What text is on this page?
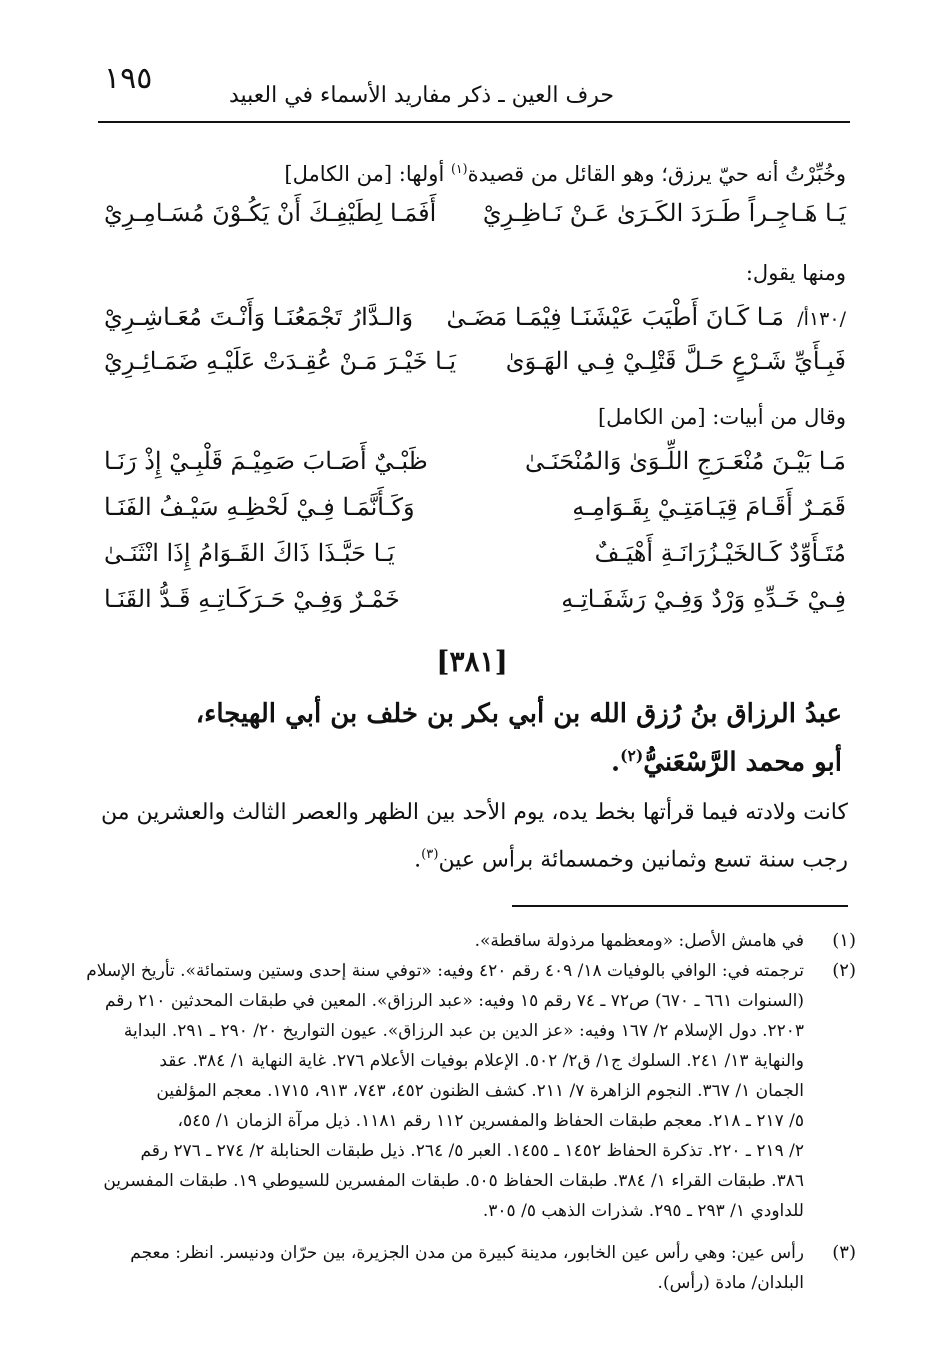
١٩٥	حرف العين ـ ذكر مفاريد الأسماء في العبيد
وخُبِّرْتُ أنه حيّ يرزق؛ وهو القائل من قصيدة$^{(١)}$ أولها: [من الكامل]
يَـا هَـاجِـراً طَـرَدَ الكَـرَىٰ عَـنْ نَـاظِـرِيْ
أَفَمَـا لِطَيْفِـكَ أَنْ يَكُـوْنَ مُسَـامِـرِيْ
ومنها يقول:
/١٣٠أ/
مَـا كَـانَ أَطْيَبَ عَيْشَنَـا فِيْمَـا مَضَـىٰ
وَالـدَّارُ تَجْمَعُنَـا وَأَنْـتَ مُعَـاشِـرِيْ
فَبِـأَيِّ شَـرْعٍ حَـلَّ قَتْلِـيْ فِـي الهَـوَىٰ
يَـا خَيْـرَ مَـنْ عُقِـدَتْ عَلَيْـهِ ضَمَـائِـرِيْ
وقال من أبيات: [من الكامل]
مَـا بَيْـنَ مُنْعَـرَجِ اللِّـوَىٰ وَالمُنْحَنَـىٰ
ظَبْـيٌ أَصَـابَ صَمِيْـمَ قَلْبِـيْ إِذْ رَنَـا
قَمَـرٌ أَقَـامَ قِيَـامَتِـيْ بِقَـوَامِـهِ
وَكَـأَنَّمَـا فِـيْ لَحْظِـهِ سَيْـفُ الفَنَـا
مُتَـأَوِّدٌ كَـالخَيْـزُرَانَـةِ أَهْيَـفٌ
يَـا حَبَّـذَا ذَاكَ القَـوَامُ إِذَا انْثَنَـىٰ
فِـيْ خَـدِّهِ وَرْدٌ وَفِـيْ رَشَفَـاتِـهِ
خَمْـرٌ وَفِـيْ حَـرَكَـاتِـهِ قَـدُّ القَنَـا
[٣٨١]
عبدُ الرزاق بنُ رُزق الله بن أبي بكر بن خلف بن أبي الهيجاء،
أبو محمد الرَّسْعَنيُّ$^{(٢)}$.
كانت ولادته فيما قرأتها بخط يده، يوم الأحد بين الظهر والعصر الثالث والعشرين من
رجب سنة تسع وثمانين وخمسمائة برأس عين$^{(٣)}$.
(١)
في هامش الأصل: «ومعظمها مرذولة ساقطة».
(٢)
ترجمته في: الوافي بالوفيات ١٨/ ٤٠٩ رقم ٤٢٠ وفيه: «توفي سنة إحدى وستين وستمائة». تأريخ الإسلام
(السنوات ٦٦١ ـ ٦٧٠) ص٧٢ ـ ٧٤ رقم ١٥ وفيه: «عبد الرزاق». المعين في طبقات المحدثين ٢١٠ رقم
٢٢٠٣. دول الإسلام ٢/ ١٦٧ وفيه: «عز الدين بن عبد الرزاق». عيون التواريخ ٢٠/ ٢٩٠ ـ ٢٩١. البداية
والنهاية ١٣/ ٢٤١. السلوك ج١/ ق٢/ ٥٠٢. الإعلام بوفيات الأعلام ٢٧٦. غاية النهاية ١/ ٣٨٤. عقد
الجمان ١/ ٣٦٧. النجوم الزاهرة ٧/ ٢١١. كشف الظنون ٤٥٢، ٧٤٣، ٩١٣، ١٧١٥. معجم المؤلفين
٥/ ٢١٧ ـ ٢١٨. معجم طبقات الحفاظ والمفسرين ١١٢ رقم ١١٨١. ذيل مرآة الزمان ١/ ٥٤٥،
٢/ ٢١٩ ـ ٢٢٠. تذكرة الحفاظ ١٤٥٢ ـ ١٤٥٥. العبر ٥/ ٢٦٤. ذيل طبقات الحنابلة ٢/ ٢٧٤ ـ ٢٧٦ رقم
٣٨٦. طبقات القراء ١/ ٣٨٤. طبقات الحفاظ ٥٠٥. طبقات المفسرين للسيوطي ١٩. طبقات المفسرين
للداودي ١/ ٢٩٣ ـ ٢٩٥. شذرات الذهب ٥/ ٣٠٥.
(٣)
رأس عين: وهي رأس عين الخابور، مدينة كبيرة من مدن الجزيرة، بين حرّان ودنيسر. انظر: معجم
البلدان/ مادة (رأس).
